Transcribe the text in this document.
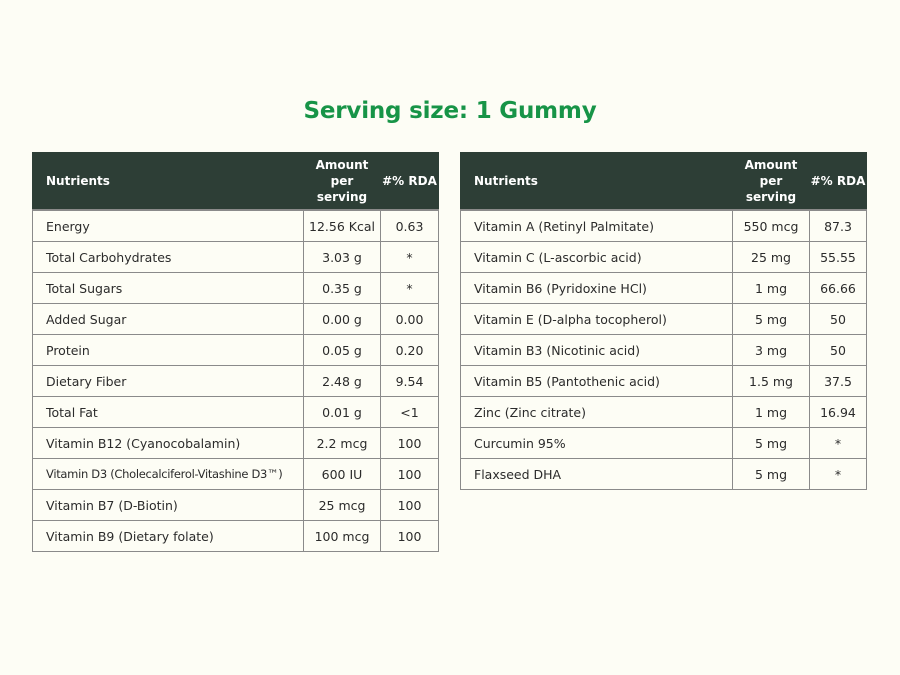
Serving size: 1 Gummy
Nutrients	Amount per serving	#% RDA
Energy	12.56 Kcal	0.63
Total Carbohydrates	3.03 g	*
Total Sugars	0.35 g	*
Added Sugar	0.00 g	0.00
Protein	0.05 g	0.20
Dietary Fiber	2.48 g	9.54
Total Fat	0.01 g	<1
Vitamin B12 (Cyanocobalamin)	2.2 mcg	100
Vitamin D3 (Cholecalciferol-Vitashine D3™)	600 IU	100
Vitamin B7 (D-Biotin)	25 mcg	100
Vitamin B9 (Dietary folate)	100 mcg	100
Nutrients	Amount per serving	#% RDA
Vitamin A (Retinyl Palmitate)	550 mcg	87.3
Vitamin C (L-ascorbic acid)	25 mg	55.55
Vitamin B6 (Pyridoxine HCl)	1 mg	66.66
Vitamin E (D-alpha tocopherol)	5 mg	50
Vitamin B3 (Nicotinic acid)	3 mg	50
Vitamin B5 (Pantothenic acid)	1.5 mg	37.5
Zinc (Zinc citrate)	1 mg	16.94
Curcumin 95%	5 mg	*
Flaxseed DHA	5 mg	*
